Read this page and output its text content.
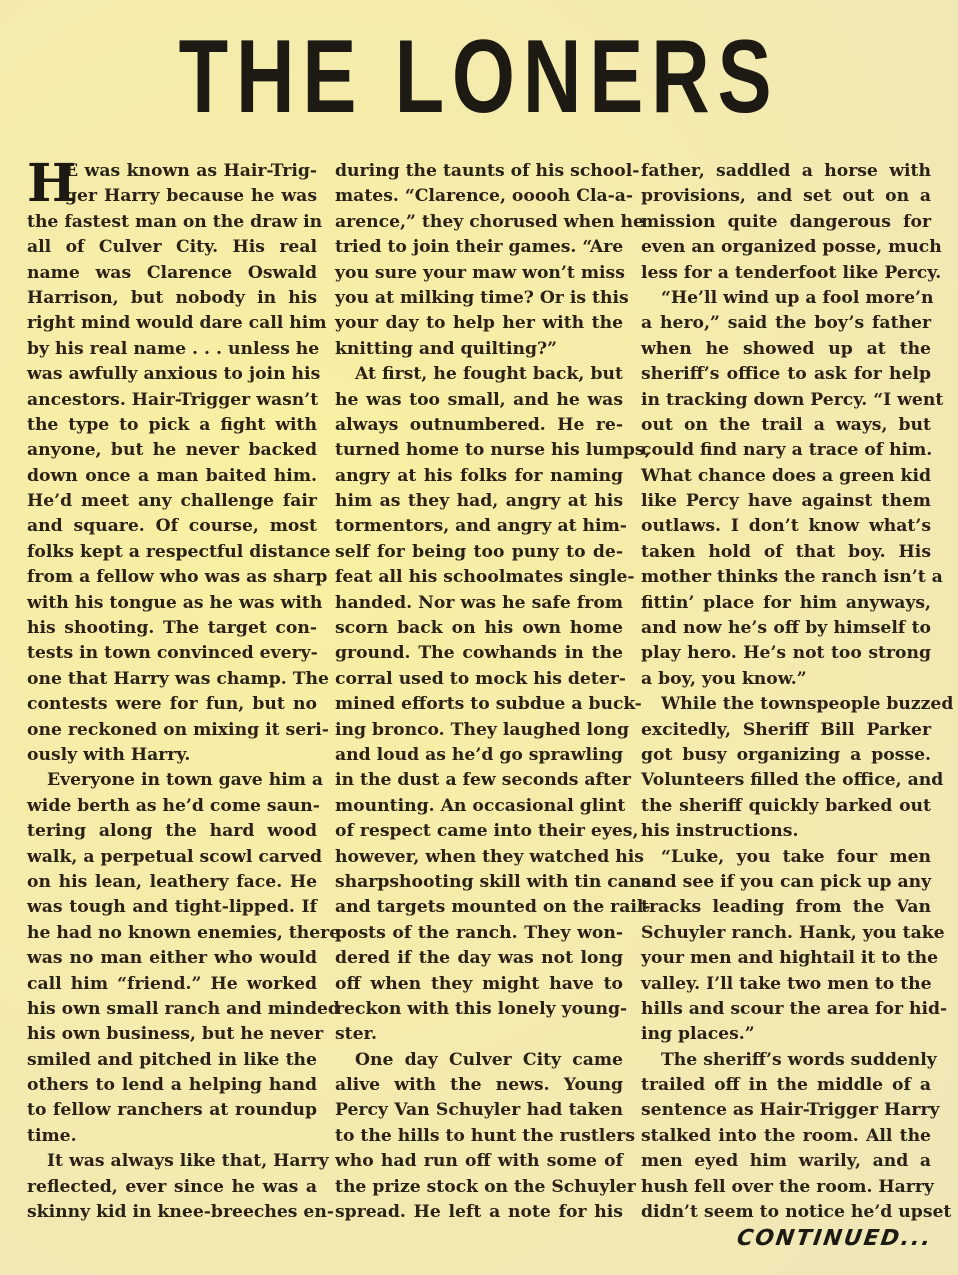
THE LONERS
H
E was known as Hair-Trig-
ger Harry because he was
the fastest man on the draw in
all of Culver City. His real
name was Clarence Oswald
Harrison, but nobody in his
right mind would dare call him
by his real name . . . unless he
was awfully anxious to join his
ancestors. Hair-Trigger wasn’t
the type to pick a fight with
anyone, but he never backed
down once a man baited him.
He’d meet any challenge fair
and square. Of course, most
folks kept a respectful distance
from a fellow who was as sharp
with his tongue as he was with
his shooting. The target con-
tests in town convinced every-
one that Harry was champ. The
contests were for fun, but no
one reckoned on mixing it seri-
ously with Harry.
Everyone in town gave him a
wide berth as he’d come saun-
tering along the hard wood
walk, a perpetual scowl carved
on his lean, leathery face. He
was tough and tight-lipped. If
he had no known enemies, there
was no man either who would
call him “friend.” He worked
his own small ranch and minded
his own business, but he never
smiled and pitched in like the
others to lend a helping hand
to fellow ranchers at roundup
time.
It was always like that, Harry
reflected, ever since he was a
skinny kid in knee-breeches en-
during the taunts of his school-
mates. “Clarence, ooooh Cla-a-
arence,” they chorused when he
tried to join their games. “Are
you sure your maw won’t miss
you at milking time? Or is this
your day to help her with the
knitting and quilting?”
At first, he fought back, but
he was too small, and he was
always outnumbered. He re-
turned home to nurse his lumps,
angry at his folks for naming
him as they had, angry at his
tormentors, and angry at him-
self for being too puny to de-
feat all his schoolmates single-
handed. Nor was he safe from
scorn back on his own home
ground. The cowhands in the
corral used to mock his deter-
mined efforts to subdue a buck-
ing bronco. They laughed long
and loud as he’d go sprawling
in the dust a few seconds after
mounting. An occasional glint
of respect came into their eyes,
however, when they watched his
sharpshooting skill with tin cans
and targets mounted on the rail-
posts of the ranch. They won-
dered if the day was not long
off when they might have to
reckon with this lonely young-
ster.
One day Culver City came
alive with the news. Young
Percy Van Schuyler had taken
to the hills to hunt the rustlers
who had run off with some of
the prize stock on the Schuyler
spread. He left a note for his
father, saddled a horse with
provisions, and set out on a
mission quite dangerous for
even an organized posse, much
less for a tenderfoot like Percy.
“He’ll wind up a fool more’n
a hero,” said the boy’s father
when he showed up at the
sheriff’s office to ask for help
in tracking down Percy. “I went
out on the trail a ways, but
could find nary a trace of him.
What chance does a green kid
like Percy have against them
outlaws. I don’t know what’s
taken hold of that boy. His
mother thinks the ranch isn’t a
fittin’ place for him anyways,
and now he’s off by himself to
play hero. He’s not too strong
a boy, you know.”
While the townspeople buzzed
excitedly, Sheriff Bill Parker
got busy organizing a posse.
Volunteers filled the office, and
the sheriff quickly barked out
his instructions.
“Luke, you take four men
and see if you can pick up any
tracks leading from the Van
Schuyler ranch. Hank, you take
your men and hightail it to the
valley. I’ll take two men to the
hills and scour the area for hid-
ing places.”
The sheriff’s words suddenly
trailed off in the middle of a
sentence as Hair-Trigger Harry
stalked into the room. All the
men eyed him warily, and a
hush fell over the room. Harry
didn’t seem to notice he’d upset
CONTINUED...
